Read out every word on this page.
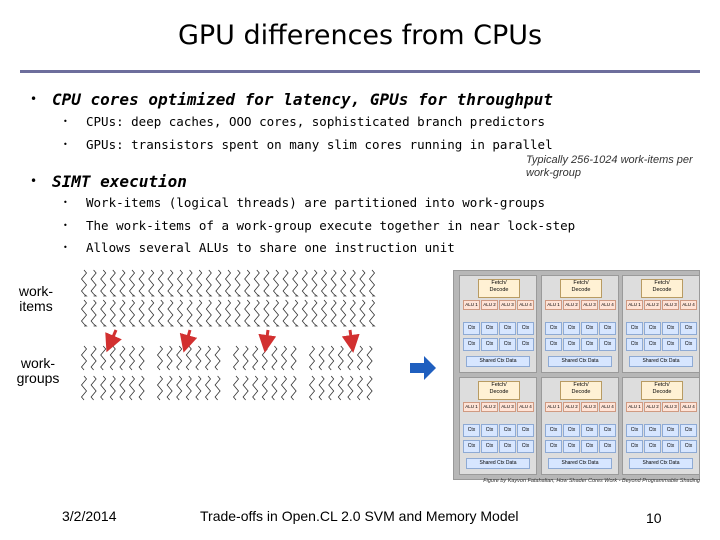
GPU differences from CPUs
• CPU cores optimized for latency, GPUs for throughput
• CPUs: deep caches, OOO cores, sophisticated branch predictors
• GPUs: transistors spent on many slim cores running in parallel
Typically 256-1024 work-items per work-group
• SIMT execution
• Work-items (logical threads) are partitioned into work-groups
• The work-items of a work-group execute together in near lock-step
• Allows several ALUs to share one instruction unit
work-
items
work-
groups
Fetch/
Decode
ALU 1	ALU 2	ALU 3	ALU 4
Ctx	Ctx	Ctx	Ctx
Ctx	Ctx	Ctx	Ctx
Shared Ctx Data
Fetch/
Decode
ALU 1	ALU 2	ALU 3	ALU 4
Ctx	Ctx	Ctx	Ctx
Ctx	Ctx	Ctx	Ctx
Shared Ctx Data
Fetch/
Decode
ALU 1	ALU 2	ALU 3	ALU 4
Ctx	Ctx	Ctx	Ctx
Ctx	Ctx	Ctx	Ctx
Shared Ctx Data
Fetch/
Decode
ALU 1	ALU 2	ALU 3	ALU 4
Ctx	Ctx	Ctx	Ctx
Ctx	Ctx	Ctx	Ctx
Shared Ctx Data
Fetch/
Decode
ALU 1	ALU 2	ALU 3	ALU 4
Ctx	Ctx	Ctx	Ctx
Ctx	Ctx	Ctx	Ctx
Shared Ctx Data
Fetch/
Decode
ALU 1	ALU 2	ALU 3	ALU 4
Ctx	Ctx	Ctx	Ctx
Ctx	Ctx	Ctx	Ctx
Shared Ctx Data
Figure by Kayvon Fatahalian, How Shader Cores Work - Beyond Programmable Shading
3/2/2014	Trade-offs in Open.CL 2.0 SVM and Memory Model	10
